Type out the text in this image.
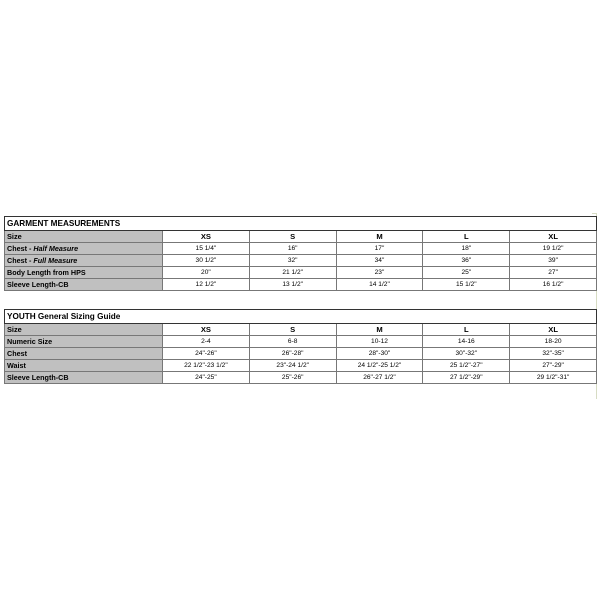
GARMENT MEASUREMENTS					
Size	XS	S	M	L	XL
Chest - Half Measure	15 1/4"	16"	17"	18"	19 1/2"
Chest - Full Measure	30 1/2"	32"	34"	36"	39"
Body Length from HPS	20"	21 1/2"	23"	25"	27"
Sleeve Length-CB	12 1/2"	13 1/2"	14 1/2"	15 1/2"	16 1/2"
YOUTH General Sizing Guide					
Size	XS	S	M	L	XL
Numeric Size	2-4	6-8	10-12	14-16	18-20
Chest	24"-26"	26"-28"	28"-30"	30"-32"	32"-35"
Waist	22 1/2"-23 1/2"	23"-24 1/2"	24 1/2"-25 1/2"	25 1/2"-27"	27"-29"
Sleeve Length-CB	24"-25"	25"-26"	26"-27 1/2"	27 1/2"-29"	29 1/2"-31"
